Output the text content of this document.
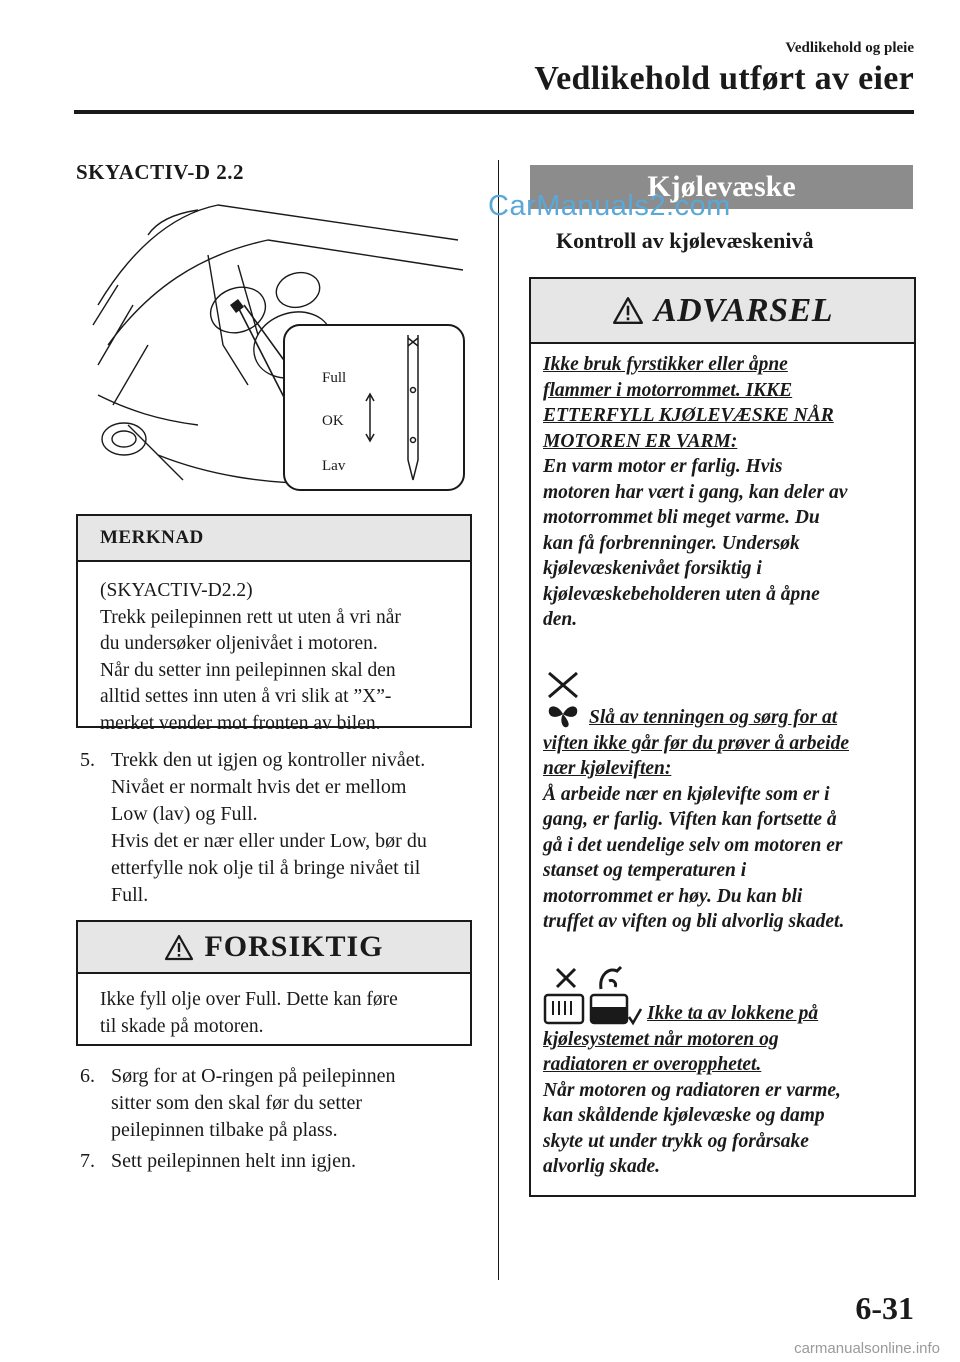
Vedlikehold og pleie
Vedlikehold utført av eier
SKYACTIV-D 2.2
Full
OK
Lav
MERKNAD
(SKYACTIV-D2.2)
Trekk peilepinnen rett ut uten å vri når
du undersøker oljenivået i motoren.
Når du setter inn peilepinnen skal den
alltid settes inn uten å vri slik at ”X”-
merket vender mot fronten av bilen.
5. Trekk den ut igjen og kontroller nivået.
Nivået er normalt hvis det er mellom
Low (lav) og Full.
Hvis det er nær eller under Low, bør du
etterfylle nok olje til å bringe nivået til
Full.
FORSIKTIG
Ikke fyll olje over Full. Dette kan føre
til skade på motoren.
6. Sørg for at O-ringen på peilepinnen
sitter som den skal før du setter
peilepinnen tilbake på plass.
7. Sett peilepinnen helt inn igjen.
Kjølevæske
CarManuals2.com
Kontroll av kjølevæskenivå
ADVARSEL

Ikke bruk fyrstikker eller åpne

flammer i motorrommet. IKKE

ETTERFYLL KJØLEVÆSKE NÅR

MOTOREN ER VARM:

En varm motor er farlig. Hvis

motoren har vært i gang, kan deler av

motorrommet bli meget varme. Du

kan få forbrenninger. Undersøk

kjølevæskenivået forsiktig i

kjølevæskebeholderen uten å åpne

den.

Slå av tenningen og sørg for at

viften ikke går før du prøver å arbeide

nær kjøleviften:

Å arbeide nær en kjølevifte som er i

gang, er farlig. Viften kan fortsette å

gå i det uendelige selv om motoren er

stanset og temperaturen i

motorrommet er høy. Du kan bli

truffet av viften og bli alvorlig skadet.

Ikke ta av lokkene på

kjølesystemet når motoren og

radiatoren er overopphetet.

Når motoren og radiatoren er varme,

kan skåldende kjølevæske og damp

skyte ut under trykk og forårsake

alvorlig skade.

6-31
carmanualsonline.info
